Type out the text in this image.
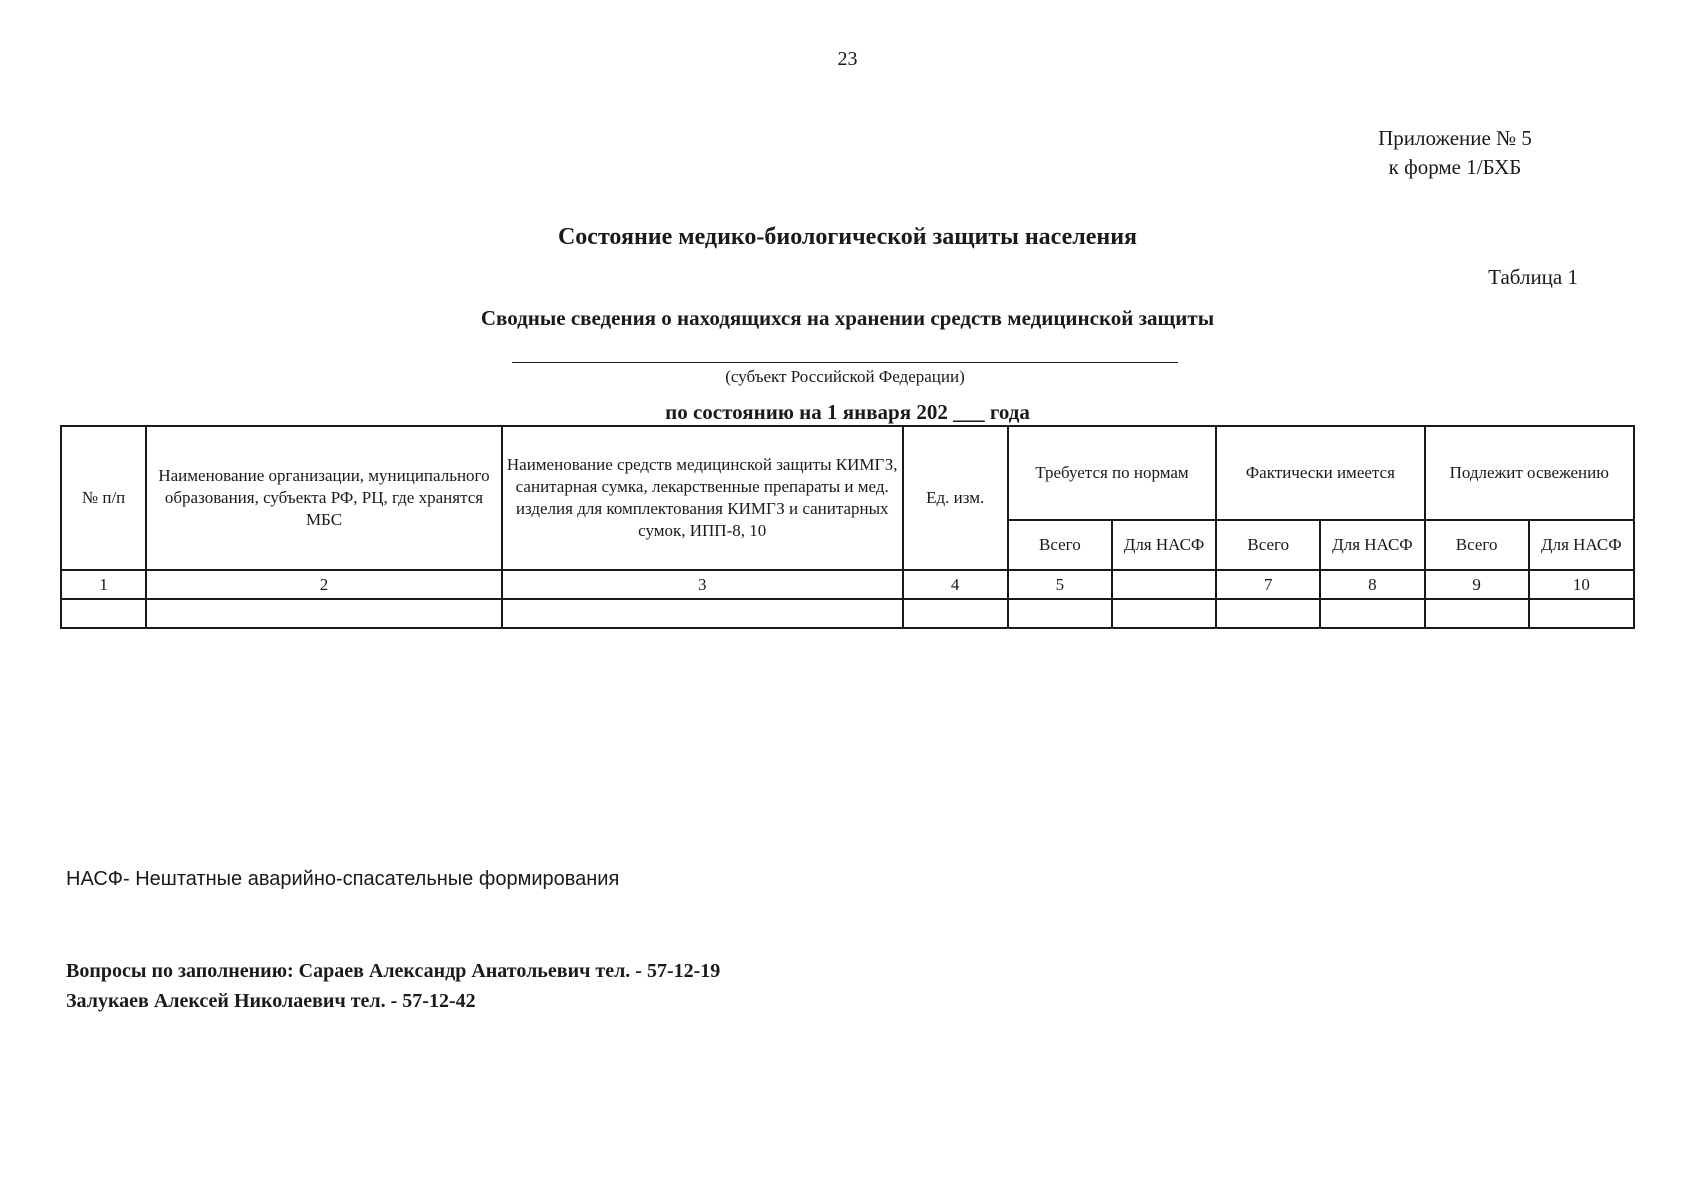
23
Приложение № 5
к форме 1/БХБ
Состояние медико-биологической защиты населения
Таблица 1
Сводные сведения о находящихся на хранении средств медицинской защиты
(субъект Российской Федерации)
по состоянию на 1 января 202 ___ года
№ п/п	Наименование организации, муниципального образования, субъекта РФ, РЦ, где хранятся МБС	Наименование средств медицинской защиты КИМГЗ, санитарная сумка, лекарственные препараты и мед. изделия для комплектования КИМГЗ и санитарных сумок, ИПП-8, 10	Ед. изм.	Требуется по нормам		Фактически имеется		Подлежит освежению	
				Всего	Для НАСФ	Всего	Для НАСФ	Всего	Для НАСФ
1	2	3	4	5		7	8	9	10

НАСФ- Нештатные аварийно-спасательные формирования
Вопросы по заполнению: Сараев Александр Анатольевич тел. - 57-12-19
Залукаев Алексей Николаевич тел. - 57-12-42
